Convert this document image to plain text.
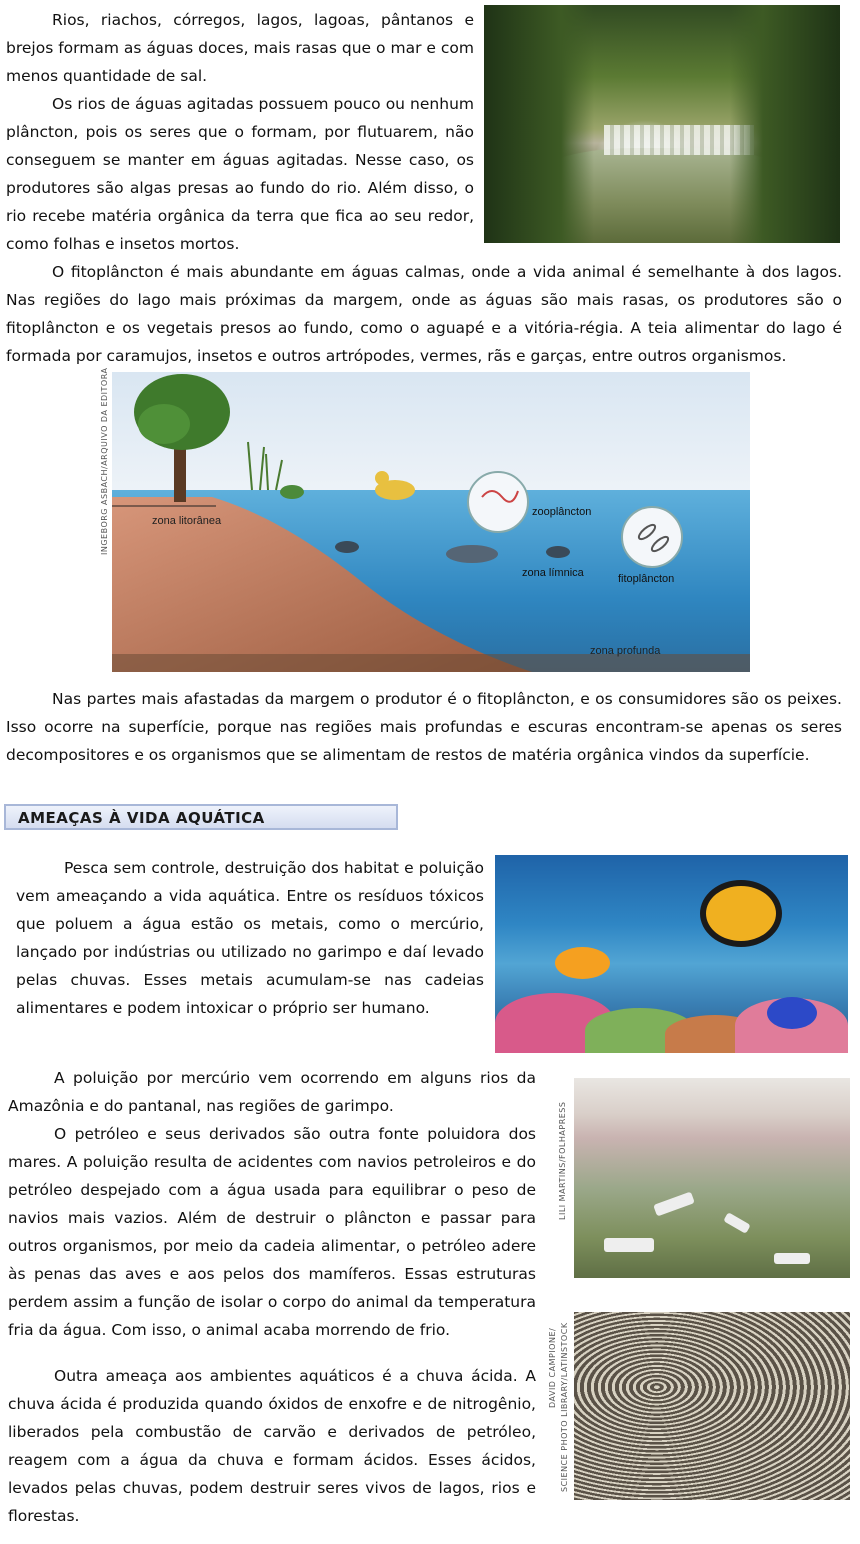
Rios, riachos, córregos, lagos, lagoas, pântanos e brejos formam as águas doces, mais rasas que o mar e com menos quantidade de sal.

Os rios de águas agitadas possuem pouco ou nenhum plâncton, pois os seres que o formam, por flutuarem, não conseguem se manter em águas agitadas. Nesse caso, os produtores são algas presas ao fundo do rio. Além disso, o rio recebe matéria orgânica da terra que fica ao seu redor, como folhas e insetos mortos.

O fitoplâncton é mais abundante em águas calmas, onde a vida animal é semelhante à dos lagos. Nas regiões do lago mais próximas da margem, onde as águas são mais rasas, os produtores são o fitoplâncton e os vegetais presos ao fundo, como o aguapé e a vitória-régia. A teia alimentar do lago é formada por caramujos, insetos e outros artrópodes, vermes, rãs e garças, entre outros organismos.

zona litorânea
zooplâncton
zona límnica	fitoplâncton
zona profunda
INGEBORG ASBACH/ARQUIVO DA EDITORA

Nas partes mais afastadas da margem o produtor é o fitoplâncton, e os consumidores são os peixes. Isso ocorre na superfície, porque nas regiões mais profundas e escuras encontram-se apenas os seres decompositores e os organismos que se alimentam de restos de matéria orgânica vindos da superfície.

AMEAÇAS À VIDA AQUÁTICA

Pesca sem controle, destruição dos habitat e poluição vem ameaçando a vida aquática. Entre os resíduos tóxicos que poluem a água estão os metais, como o mercúrio, lançado por indústrias ou utilizado no garimpo e daí levado pelas chuvas. Esses metais acumulam-se nas cadeias alimentares e podem intoxicar o próprio ser humano.

A poluição por mercúrio vem ocorrendo em alguns rios da Amazônia e do pantanal, nas regiões de garimpo.

O petróleo e seus derivados são outra fonte poluidora dos mares. A poluição resulta de acidentes com navios petroleiros e do petróleo despejado com a água usada para equilibrar o peso de navios mais vazios. Além de destruir o plâncton e passar para outros organismos, por meio da cadeia alimentar, o petróleo adere às penas das aves e aos pelos dos mamíferos. Essas estruturas perdem assim a função de isolar o corpo do animal da temperatura fria da água. Com isso, o animal acaba morrendo de frio.

Outra ameaça aos ambientes aquáticos é a chuva ácida. A chuva ácida é produzida quando óxidos de enxofre e de nitrogênio, liberados pela combustão de carvão e derivados de petróleo, reagem com a água da chuva e formam ácidos. Esses ácidos, levados pelas chuvas, podem destruir seres vivos de lagos, rios e florestas.

LILI MARTINS/FOLHAPRESS
DAVID CAMPIONE/ SCIENCE PHOTO LIBRARY/LATINSTOCK
